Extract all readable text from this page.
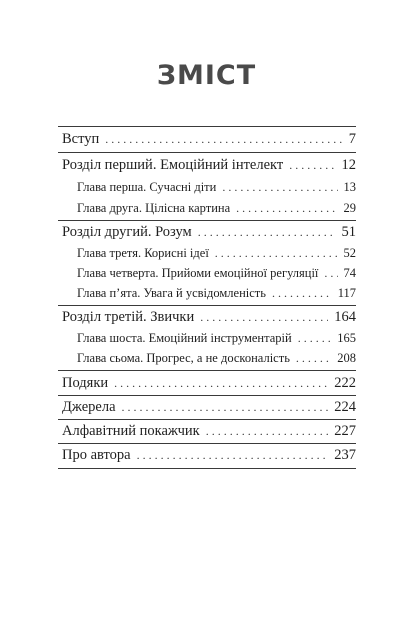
ЗМІСТ
Вступ . . .	7
Розділ перший. Емоційний інтелект . . .	12
Глава перша. Сучасні діти . . .	13
Глава друга. Цілісна картина . . .	29
Розділ другий. Розум . . .	51
Глава третя. Корисні ідеї . . .	52
Глава четверта. Прийоми емоційної регуляції . . .	74
Глава п’ята. Увага й усвідомленість . . .	117
Розділ третій. Звички . . .	164
Глава шоста. Емоційний інструментарій . . .	165
Глава сьома. Прогрес, а не досконалість . . .	208
Подяки . . .	222
Джерела . . .	224
Алфавітний покажчик . . .	227
Про автора . . .	237
